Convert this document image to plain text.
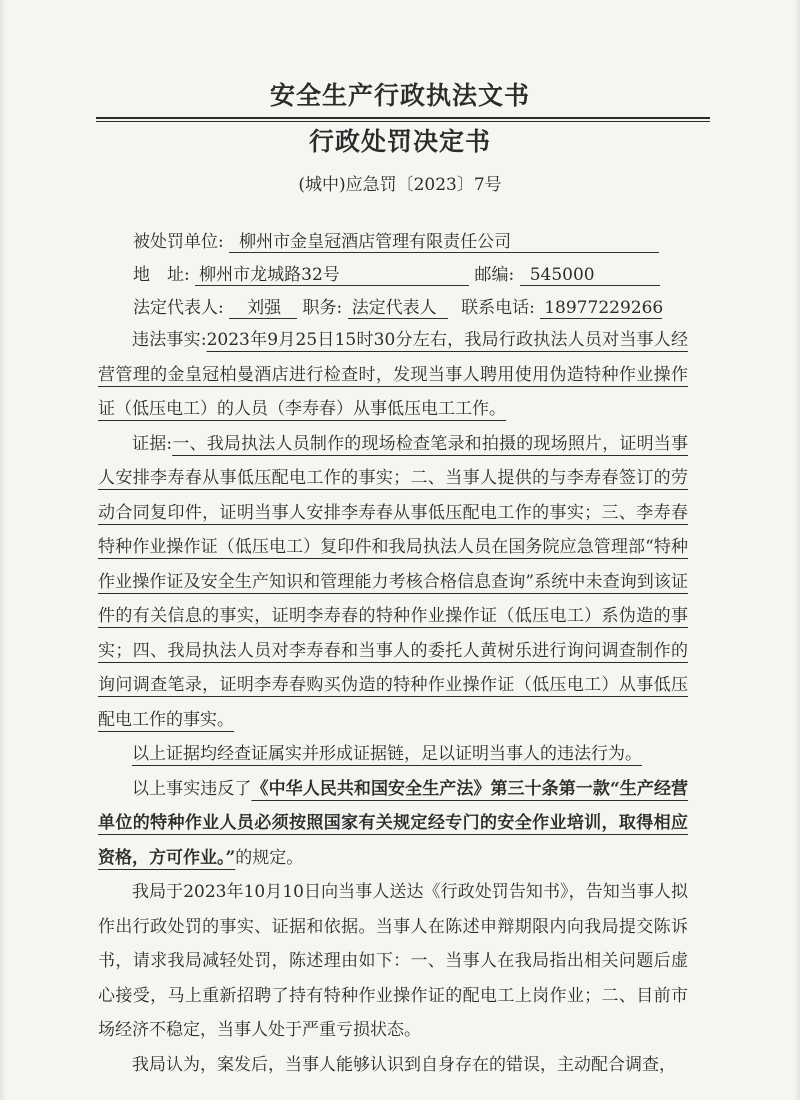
安全生产行政执法文书
行政处罚决定书
(城中)应急罚〔2023〕7号
被处罚单位: 柳州市金皇冠酒店管理有限责任公司
地　址: 柳州市龙城路32号	邮编: 545000
法定代表人: 刘强 职务: 法定代表人 联系电话: 18977229266

违法事实:2023年9月25日15时30分左右，我局行政执法人员对当事人经营管理的金皇冠柏曼酒店进行检查时，发现当事人聘用使用伪造特种作业操作证（低压电工）的人员（李寿春）从事低压电工工作。

证据:一、我局执法人员制作的现场检查笔录和拍摄的现场照片，证明当事人安排李寿春从事低压配电工作的事实；二、当事人提供的与李寿春签订的劳动合同复印件，证明当事人安排李寿春从事低压配电工作的事实；三、李寿春特种作业操作证（低压电工）复印件和我局执法人员在国务院应急管理部“特种作业操作证及安全生产知识和管理能力考核合格信息查询”系统中未查询到该证件的有关信息的事实，证明李寿春的特种作业操作证（低压电工）系伪造的事实；四、我局执法人员对李寿春和当事人的委托人黄树乐进行询问调查制作的询问调查笔录，证明李寿春购买伪造的特种作业操作证（低压电工）从事低压配电工作的事实。

以上证据均经查证属实并形成证据链，足以证明当事人的违法行为。

以上事实违反了《中华人民共和国安全生产法》第三十条第一款“生产经营单位的特种作业人员必须按照国家有关规定经专门的安全作业培训，取得相应资格，方可作业。”的规定。

我局于2023年10月10日向当事人送达《行政处罚告知书》，告知当事人拟作出行政处罚的事实、证据和依据。当事人在陈述申辩期限内向我局提交陈诉书，请求我局减轻处罚，陈述理由如下：一、当事人在我局指出相关问题后虚心接受，马上重新招聘了持有特种作业操作证的配电工上岗作业；二、目前市场经济不稳定，当事人处于严重亏损状态。

我局认为，案发后，当事人能够认识到自身存在的错误，主动配合调查，
